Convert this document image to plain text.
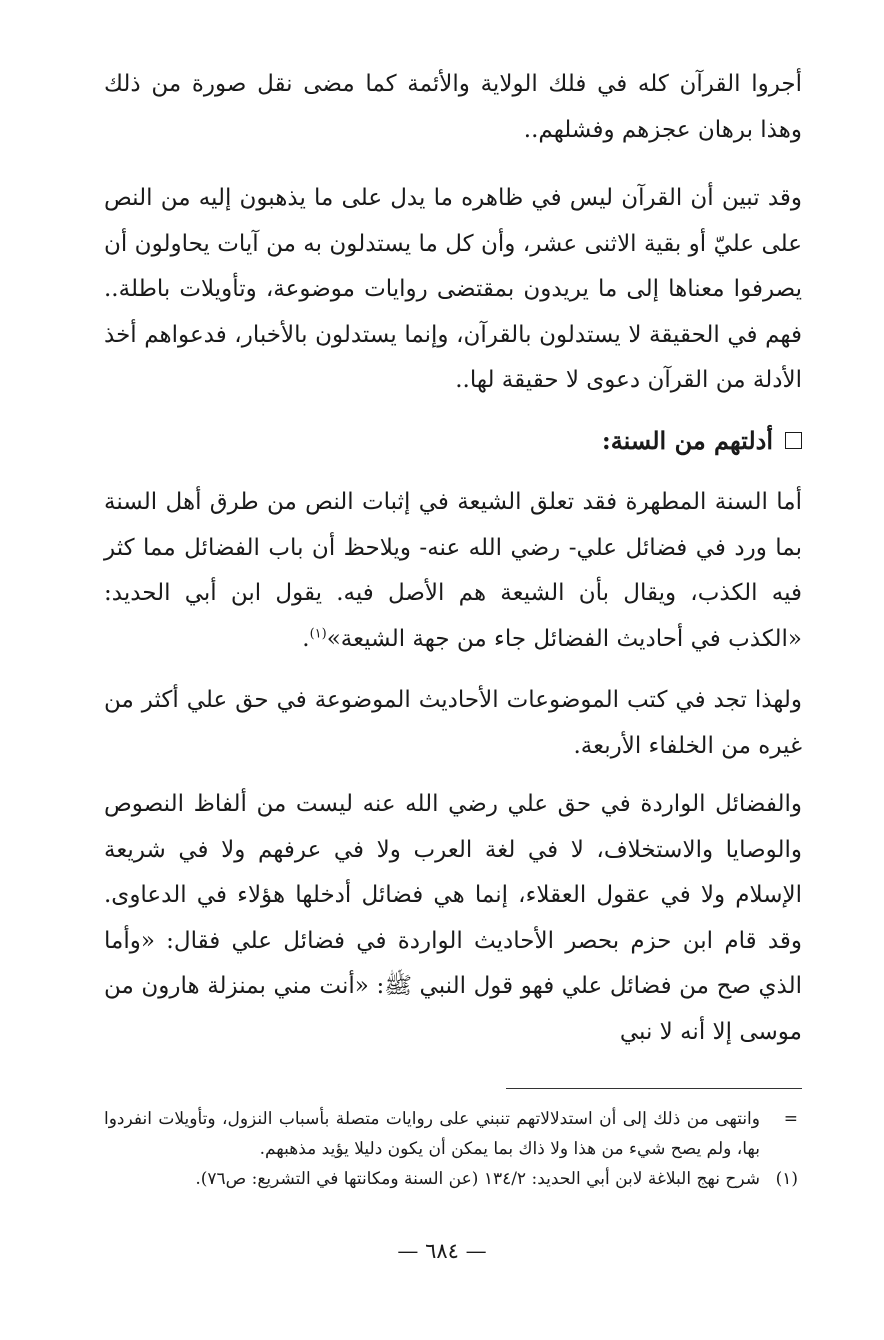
أجروا القرآن كله في فلك الولاية والأئمة كما مضى نقل صورة من ذلك وهذا برهان عجزهم وفشلهم..

وقد تبين أن القرآن ليس في ظاهره ما يدل على ما يذهبون إليه من النص على عليّ أو بقية الاثنى عشر، وأن كل ما يستدلون به من آيات يحاولون أن يصرفوا معناها إلى ما يريدون بمقتضى روايات موضوعة، وتأويلات باطلة.. فهم في الحقيقة لا يستدلون بالقرآن، وإنما يستدلون بالأخبار، فدعواهم أخذ الأدلة من القرآن دعوى لا حقيقة لها..

أدلتهم من السنة:

أما السنة المطهرة فقد تعلق الشيعة في إثبات النص من طرق أهل السنة بما ورد في فضائل علي- رضي الله عنه- ويلاحظ أن باب الفضائل مما كثر فيه الكذب، ويقال بأن الشيعة هم الأصل فيه. يقول ابن أبي الحديد: «الكذب في أحاديث الفضائل جاء من جهة الشيعة»$^{(١)}$.

ولهذا تجد في كتب الموضوعات الأحاديث الموضوعة في حق علي أكثر من غيره من الخلفاء الأربعة.

والفضائل الواردة في حق علي رضي الله عنه ليست من ألفاظ النصوص والوصايا والاستخلاف، لا في لغة العرب ولا في عرفهم ولا في شريعة الإسلام ولا في عقول العقلاء، إنما هي فضائل أدخلها هؤلاء في الدعاوى. وقد قام ابن حزم بحصر الأحاديث الواردة في فضائل علي فقال: «وأما الذي صح من فضائل علي فهو قول النبي ﷺ: «أنت مني بمنزلة هارون من موسى إلا أنه لا نبي

=
وانتهى من ذلك إلى أن استدلالاتهم تنبني على روايات متصلة بأسباب النزول، وتأويلات انفردوا بها، ولم يصح شيء من هذا ولا ذاك بما يمكن أن يكون دليلا يؤيد مذهبهم.
(١)
شرح نهج البلاغة لابن أبي الحديد: ١٣٤/٢ (عن السنة ومكانتها في التشريع: ص٧٦).
— ٦٨٤ —
